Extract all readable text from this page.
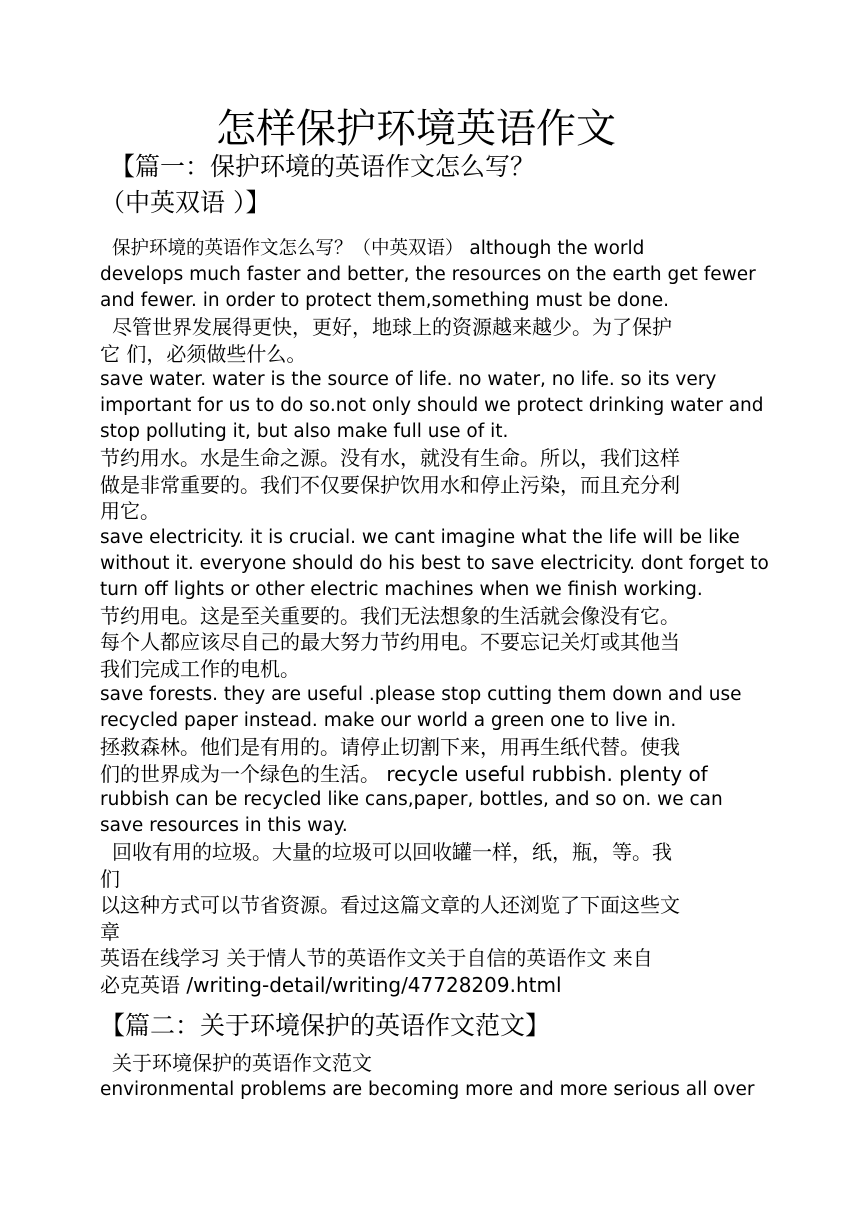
怎样保护环境英语作文
【篇一：保护环境的英语作文怎么写？
（中英双语 ）】

保护环境的英语作文怎么写？（中英双语） although the world

develops much faster and better, the resources on the earth get fewer

and fewer. in order to protect them,something must be done.

尽管世界发展得更快，更好，地球上的资源越来越少。为了保护

它 们，必须做些什么。

save water. water is the source of life. no water, no life. so its very

important for us to do so.not only should we protect drinking water and

stop polluting it, but also make full use of it.

节约用水。水是生命之源。没有水，就没有生命。所以，我们这样

做是非常重要的。我们不仅要保护饮用水和停止污染，而且充分利

用它。

save electricity. it is crucial. we cant imagine what the life will be like

without it. everyone should do his best to save electricity. dont forget to

turn off lights or other electric machines when we finish working.

节约用电。这是至关重要的。我们无法想象的生活就会像没有它。

每个人都应该尽自己的最大努力节约用电。不要忘记关灯或其他当

我们完成工作的电机。

save forests. they are useful .please stop cutting them down and use

recycled paper instead. make our world a green one to live in.

拯救森林。他们是有用的。请停止切割下来，用再生纸代替。使我

们的世界成为一个绿色的生活。 recycle useful rubbish. plenty of

rubbish can be recycled like cans,paper, bottles, and so on. we can

save resources in this way.

回收有用的垃圾。大量的垃圾可以回收罐一样，纸，瓶，等。我

们

以这种方式可以节省资源。看过这篇文章的人还浏览了下面这些文

章

英语在线学习 关于情人节的英语作文关于自信的英语作文 来自

必克英语 /writing-detail/writing/47728209.html

【篇二：关于环境保护的英语作文范文】

关于环境保护的英语作文范文

environmental problems are becoming more and more serious all over
